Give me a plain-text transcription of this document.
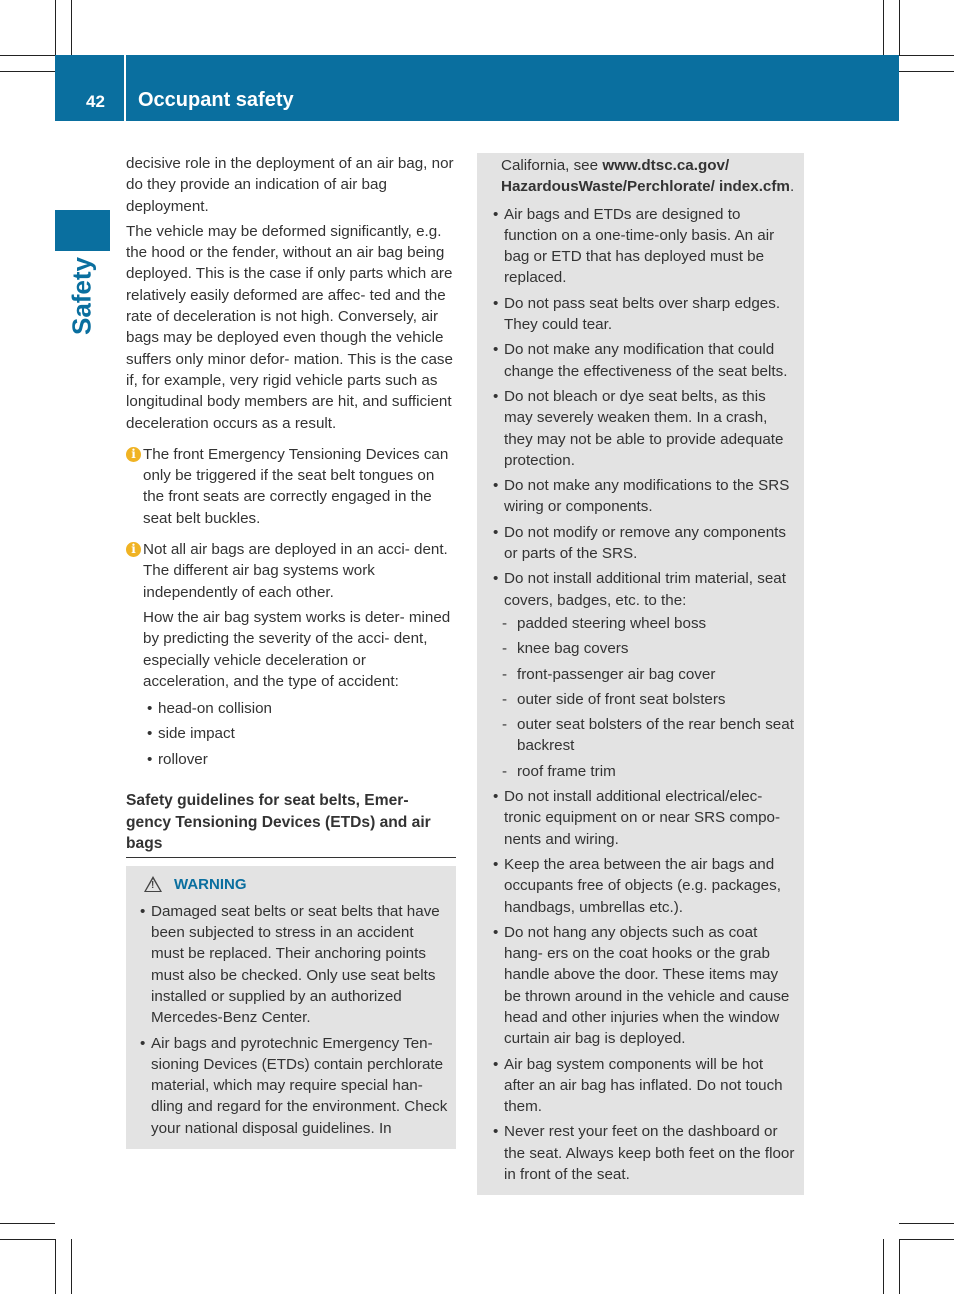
42 Occupant safety
Safety

decisive role in the deployment of an air bag, nor do they provide an indication of air bag deployment.

The vehicle may be deformed significantly, e.g. the hood or the fender, without an air bag being deployed. This is the case if only parts which are relatively easily deformed are affec- ted and the rate of deceleration is not high. Conversely, air bags may be deployed even though the vehicle suffers only minor defor- mation. This is the case if, for example, very rigid vehicle parts such as longitudinal body members are hit, and sufficient deceleration occurs as a result.

i The front Emergency Tensioning Devices can only be triggered if the seat belt tongues on the front seats are correctly engaged in the seat belt buckles.

i Not all air bags are deployed in an acci- dent. The different air bag systems work independently of each other.

How the air bag system works is deter- mined by predicting the severity of the acci- dent, especially vehicle deceleration or acceleration, and the type of accident:

• head-on collision
• side impact
• rollover
Safety guidelines for seat belts, Emer- gency Tensioning Devices (ETDs) and air bags
! WARNING
• Damaged seat belts or seat belts that have been subjected to stress in an accident must be replaced. Their anchoring points must also be checked. Only use seat belts installed or supplied by an authorized Mercedes-Benz Center.
• Air bags and pyrotechnic Emergency Ten- sioning Devices (ETDs) contain perchlorate material, which may require special han- dling and regard for the environment. Check your national disposal guidelines. In

California, see www.dtsc.ca.gov/ HazardousWaste/Perchlorate/ index.cfm.

• Air bags and ETDs are designed to function on a one-time-only basis. An air bag or ETD that has deployed must be replaced.
• Do not pass seat belts over sharp edges. They could tear.
• Do not make any modification that could change the effectiveness of the seat belts.
• Do not bleach or dye seat belts, as this may severely weaken them. In a crash, they may not be able to provide adequate protection.
• Do not make any modifications to the SRS wiring or components.
• Do not modify or remove any components or parts of the SRS.
• Do not install additional trim material, seat covers, badges, etc. to the:
- padded steering wheel boss
- knee bag covers
- front-passenger air bag cover
- outer side of front seat bolsters
- outer seat bolsters of the rear bench seat backrest
- roof frame trim
• Do not install additional electrical/elec- tronic equipment on or near SRS compo- nents and wiring.
• Keep the area between the air bags and occupants free of objects (e.g. packages, handbags, umbrellas etc.).
• Do not hang any objects such as coat hang- ers on the coat hooks or the grab handle above the door. These items may be thrown around in the vehicle and cause head and other injuries when the window curtain air bag is deployed.
• Air bag system components will be hot after an air bag has inflated. Do not touch them.
• Never rest your feet on the dashboard or the seat. Always keep both feet on the floor in front of the seat.
